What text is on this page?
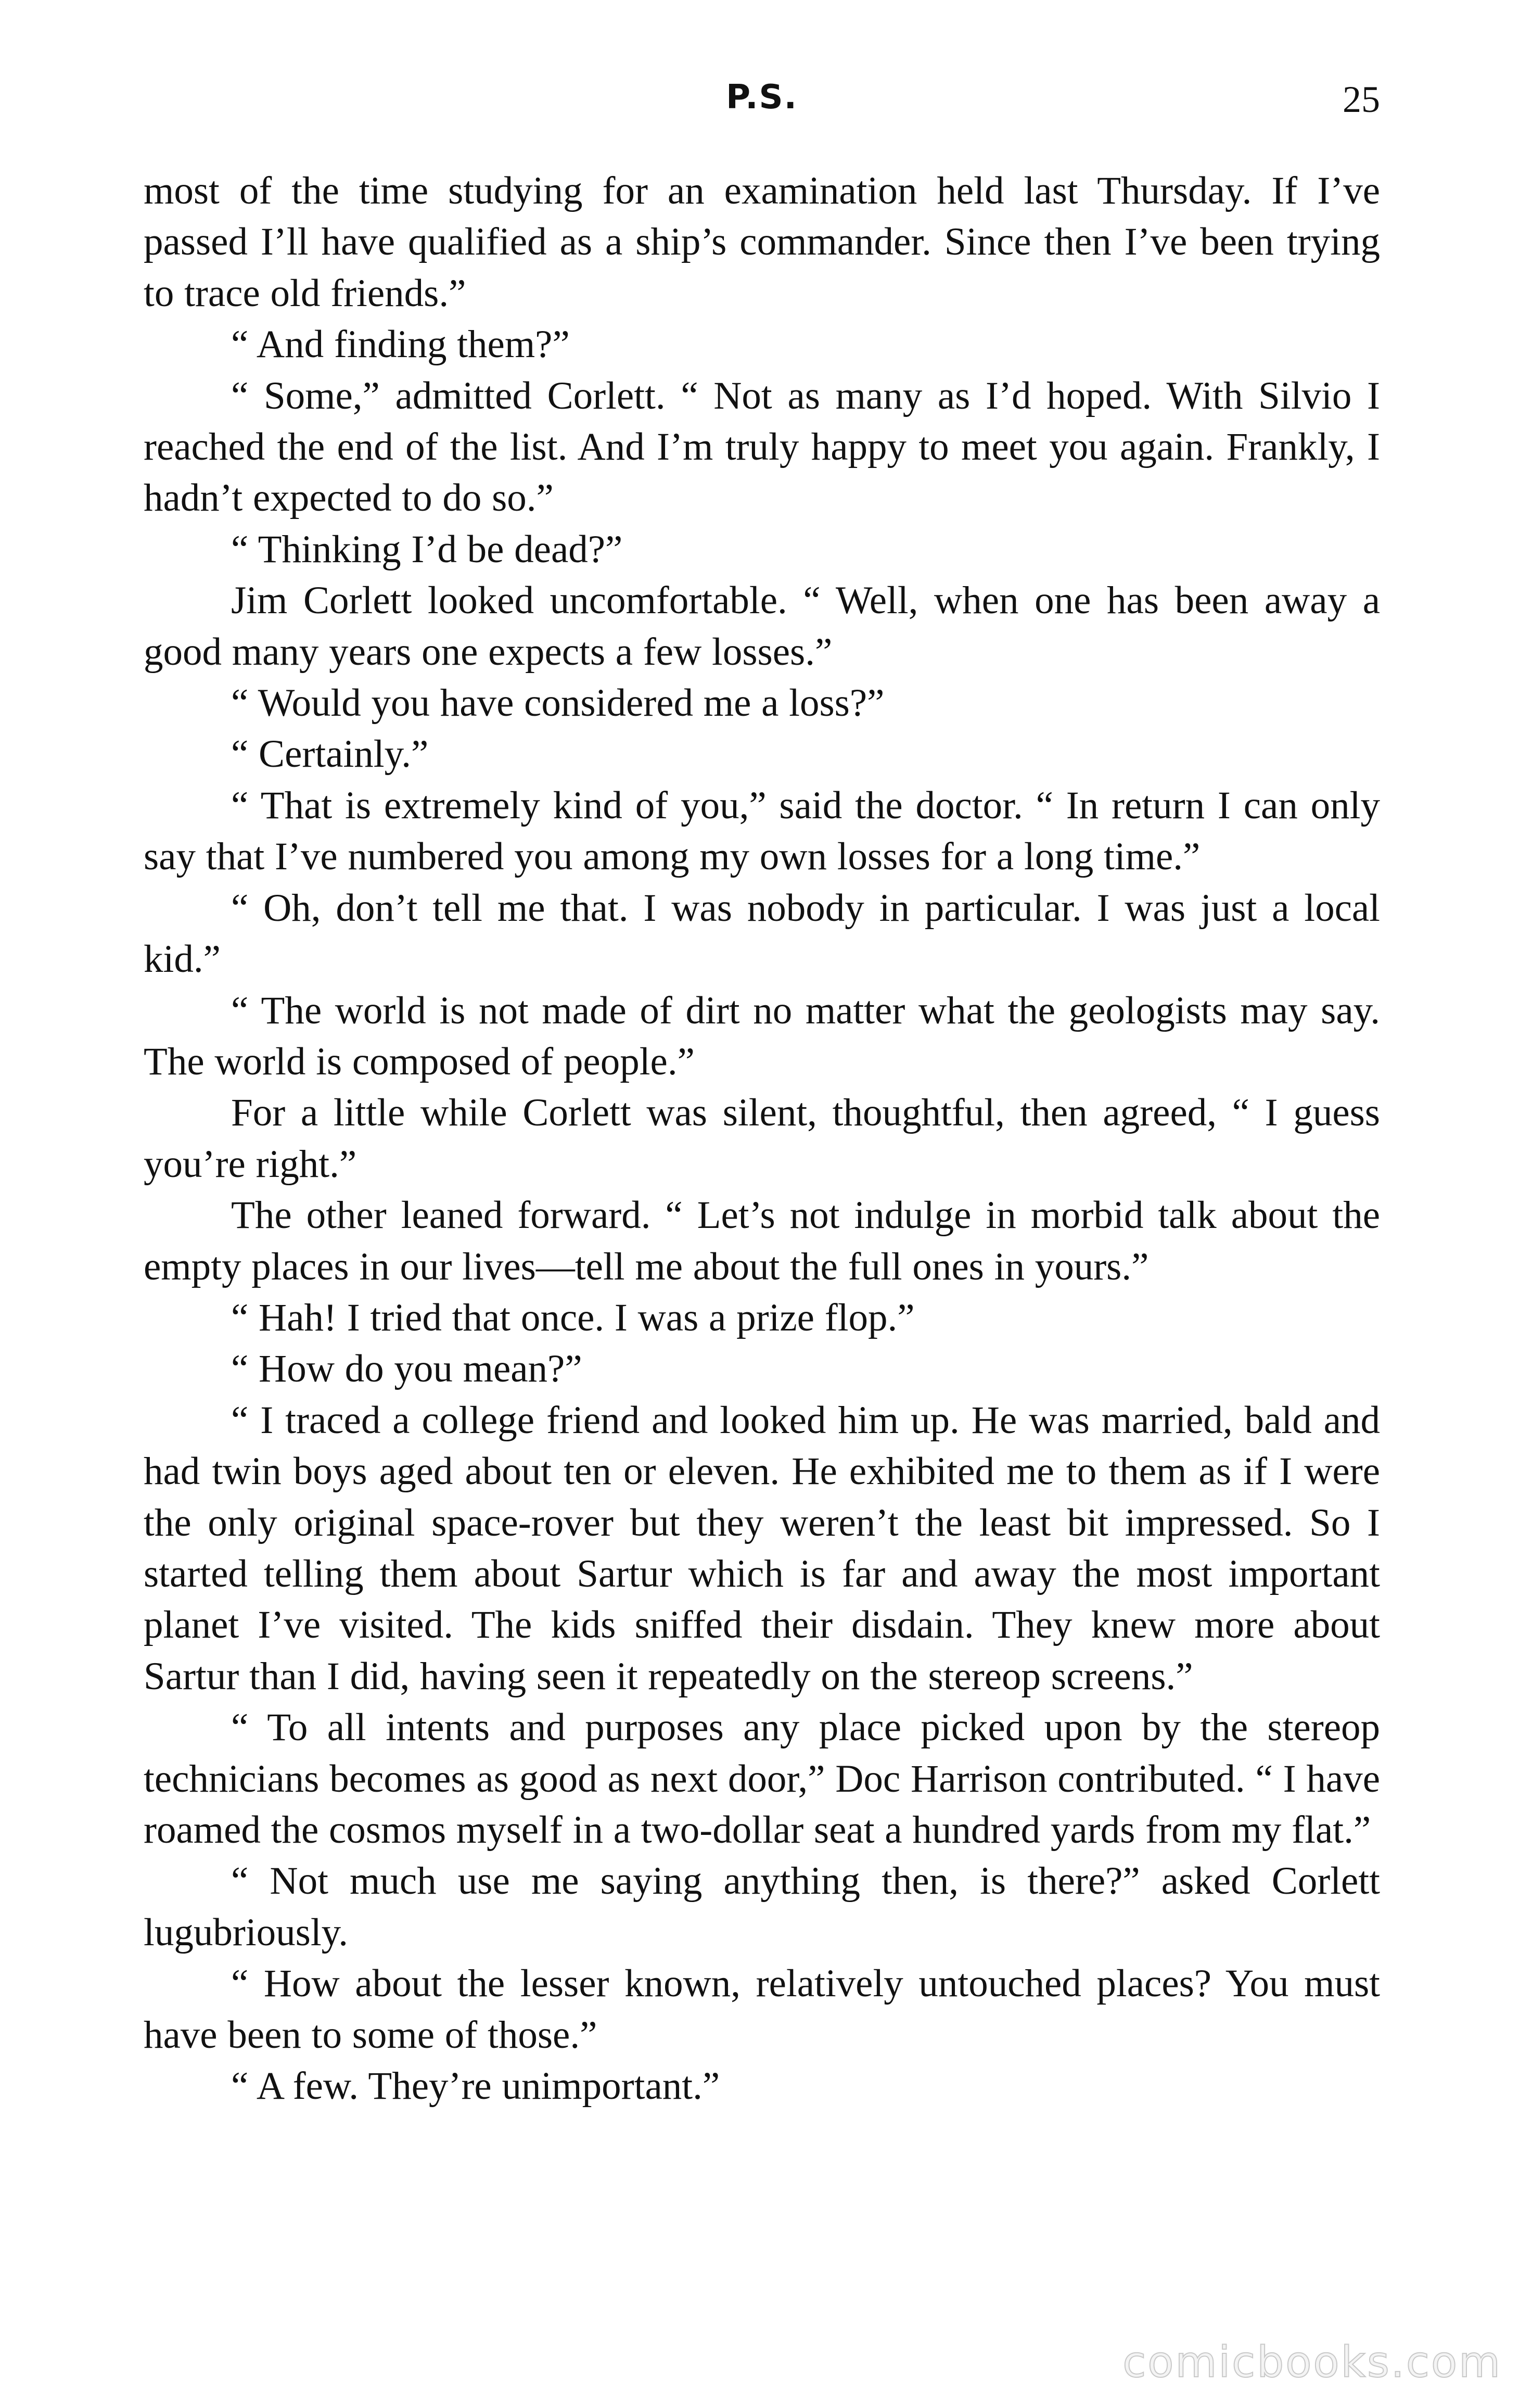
P.S.	25

most of the time studying for an examination held last Thursday. If I’ve passed I’ll have qualified as a ship’s commander. Since then I’ve been trying to trace old friends.”

“ And finding them?”

“ Some,” admitted Corlett. “ Not as many as I’d hoped. With Silvio I reached the end of the list. And I’m truly happy to meet you again. Frankly, I hadn’t expected to do so.”

“ Thinking I’d be dead?”

Jim Corlett looked uncomfortable. “ Well, when one has been away a good many years one expects a few losses.”

“ Would you have considered me a loss?”

“ Certainly.”

“ That is extremely kind of you,” said the doctor. “ In return I can only say that I’ve numbered you among my own losses for a long time.”

“ Oh, don’t tell me that. I was nobody in particular. I was just a local kid.”

“ The world is not made of dirt no matter what the geologists may say. The world is composed of people.”

For a little while Corlett was silent, thoughtful, then agreed, “ I guess you’re right.”

The other leaned forward. “ Let’s not indulge in morbid talk about the empty places in our lives—tell me about the full ones in yours.”

“ Hah! I tried that once. I was a prize flop.”

“ How do you mean?”

“ I traced a college friend and looked him up. He was married, bald and had twin boys aged about ten or eleven. He exhibited me to them as if I were the only original space-rover but they weren’t the least bit impressed. So I started telling them about Sartur which is far and away the most important planet I’ve visited. The kids sniffed their disdain. They knew more about Sartur than I did, having seen it repeatedly on the stereop screens.”

“ To all intents and purposes any place picked upon by the stereop technicians becomes as good as next door,” Doc Harrison contributed. “ I have roamed the cosmos myself in a two-dollar seat a hundred yards from my flat.”

“ Not much use me saying anything then, is there?” asked Corlett lugubriously.

“ How about the lesser known, relatively untouched places? You must have been to some of those.”

“ A few. They’re unimportant.”

comicbooks.com
